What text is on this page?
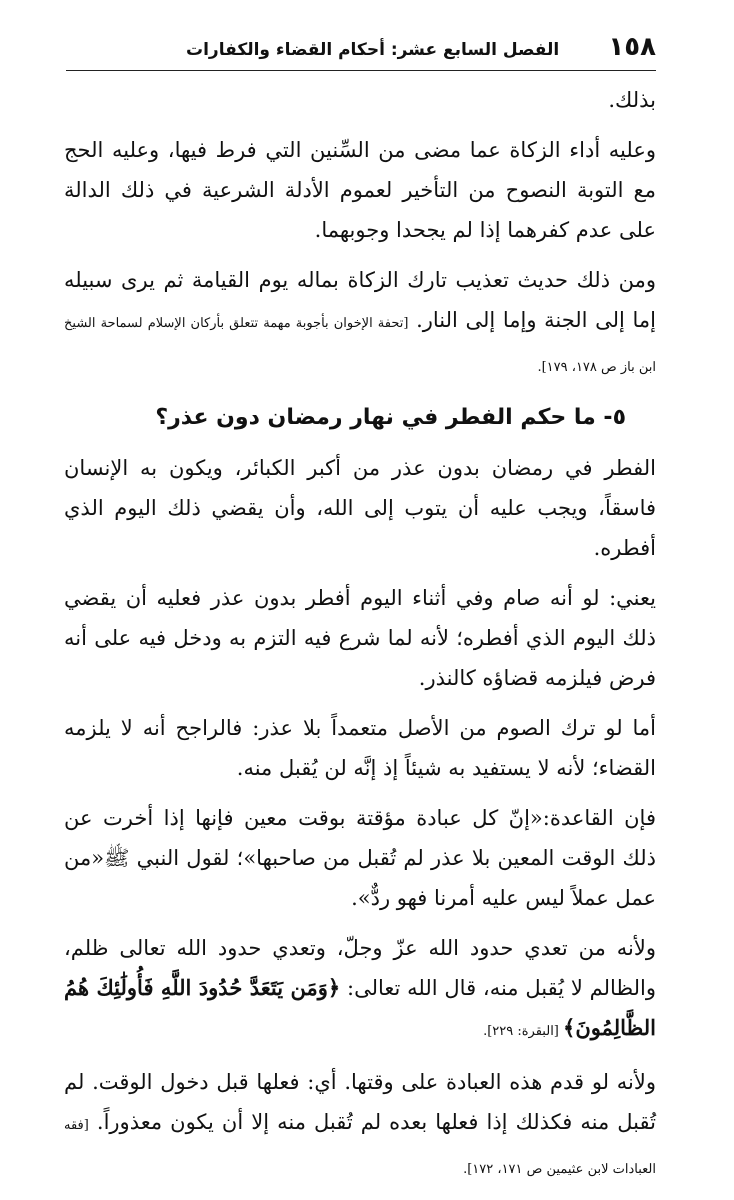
١٥٨
الفصل السابع عشر: أحكام القضاء والكفارات

بذلك.

وعليه أداء الزكاة عما مضى من السِّنين التي فرط فيها، وعليه الحج مع التوبة النصوح من التأخير لعموم الأدلة الشرعية في ذلك الدالة على عدم كفرهما إذا لم يجحدا وجوبهما.

ومن ذلك حديث تعذيب تارك الزكاة بماله يوم القيامة ثم يرى سبيله إما إلى الجنة وإما إلى النار. [تحفة الإخوان بأجوبة مهمة تتعلق بأركان الإسلام لسماحة الشيخ ابن باز ص ١٧٨، ١٧٩].

٥- ما حكم الفطر في نهار رمضان دون عذر؟

الفطر في رمضان بدون عذر من أكبر الكبائر، ويكون به الإنسان فاسقاً، ويجب عليه أن يتوب إلى الله، وأن يقضي ذلك اليوم الذي أفطره.

يعني: لو أنه صام وفي أثناء اليوم أفطر بدون عذر فعليه أن يقضي ذلك اليوم الذي أفطره؛ لأنه لما شرع فيه التزم به ودخل فيه على أنه فرض فيلزمه قضاؤه كالنذر.

أما لو ترك الصوم من الأصل متعمداً بلا عذر: فالراجح أنه لا يلزمه القضاء؛ لأنه لا يستفيد به شيئاً إذ إنَّه لن يُقبل منه.

فإن القاعدة:«إنّ كل عبادة مؤقتة بوقت معين فإنها إذا أخرت عن ذلك الوقت المعين بلا عذر لم تُقبل من صاحبها»؛ لقول النبي ﷺ«من عمل عملاً ليس عليه أمرنا فهو ردٌّ».

ولأنه من تعدي حدود الله عزّ وجلّ، وتعدي حدود الله تعالى ظلم، والظالم لا يُقبل منه، قال الله تعالى: ﴿وَمَن يَتَعَدَّ حُدُودَ اللَّهِ فَأُولَٰئِكَ هُمُ الظَّالِمُونَ﴾ [البقرة: ٢٢٩].

ولأنه لو قدم هذه العبادة على وقتها. أي: فعلها قبل دخول الوقت. لم تُقبل منه فكذلك إذا فعلها بعده لم تُقبل منه إلا أن يكون معذوراً. [فقه العبادات لابن عثيمين ص ١٧١، ١٧٢].
